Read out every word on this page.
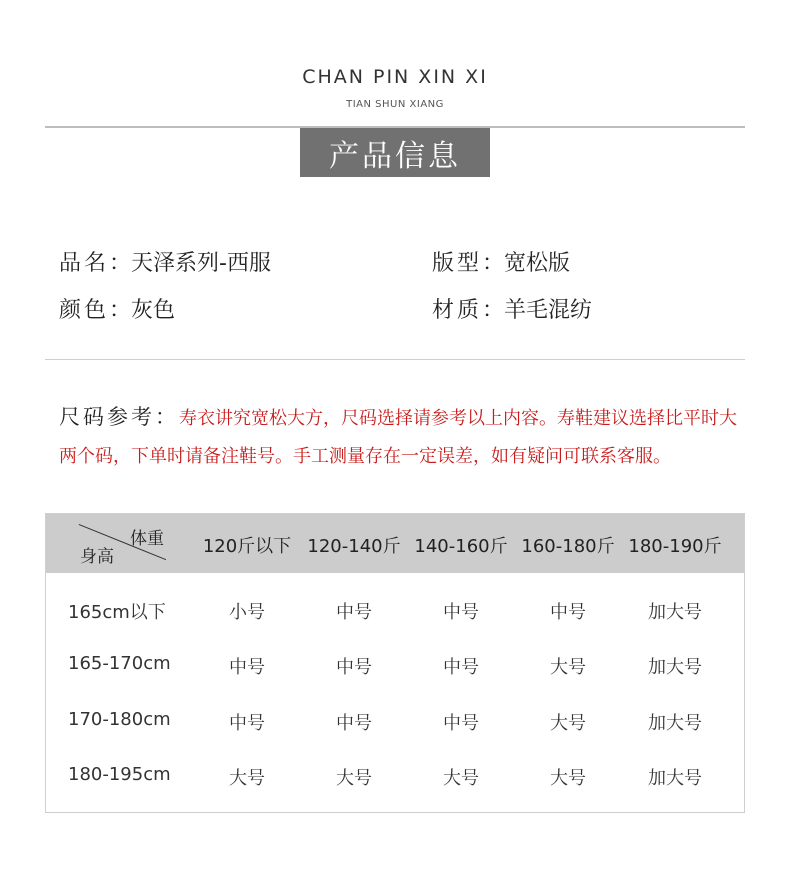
CHAN PIN XIN XI
TIAN SHUN XIANG
产品信息
品名 ： 天泽系列-西服	版型 ： 宽松版
颜色 ： 灰色	材质 ： 羊毛混纺
尺码参考：寿衣讲究宽松大方，尺码选择请参考以上内容。寿鞋建议选择比平时大两个码，下单时请备注鞋号。手工测量存在一定误差，如有疑问可联系客服。
体重
身高	120斤以下 120-140斤 140-160斤 160-180斤 180-190斤
165cm以下	小号	中号	中号	中号	加大号
165-170cm	中号	中号	中号	大号	加大号
170-180cm	中号	中号	中号	大号	加大号
180-195cm	大号	大号	大号	大号	加大号
